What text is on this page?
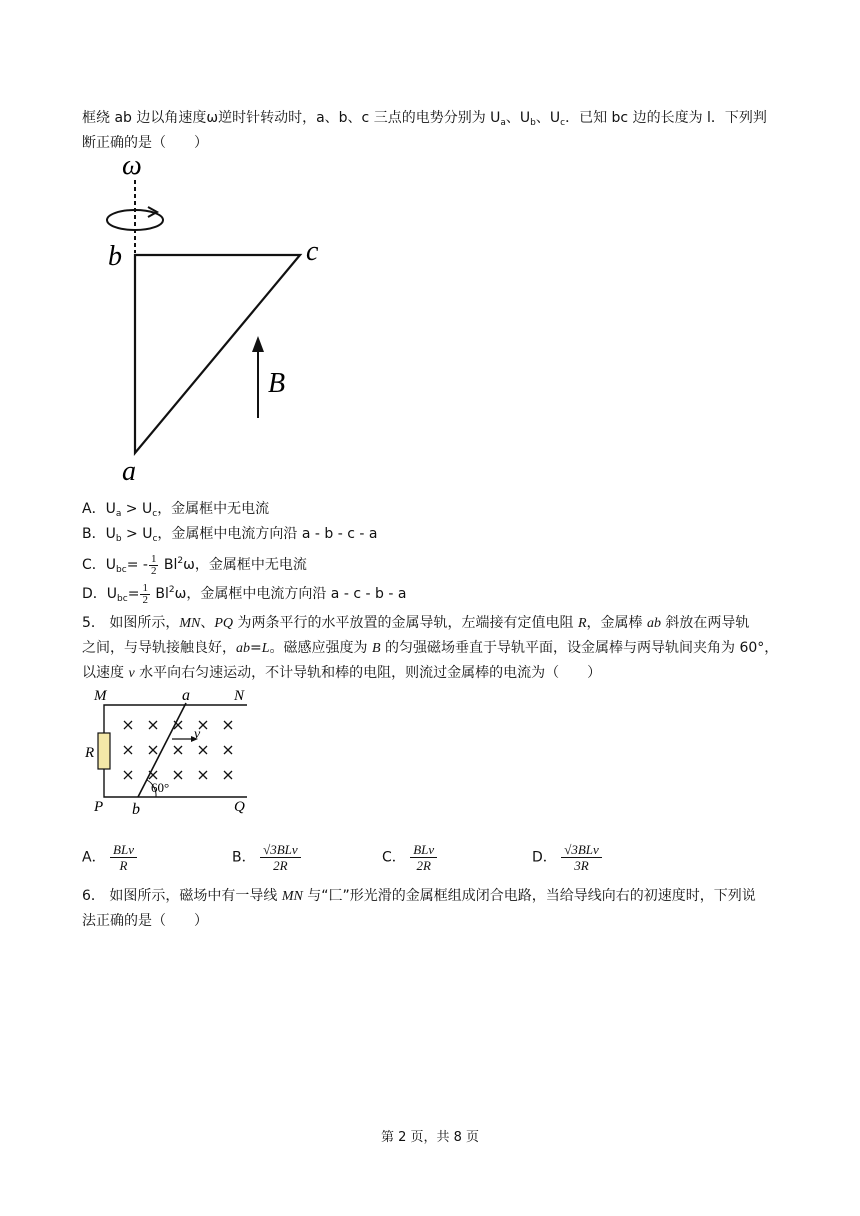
框绕 ab 边以角速度ω逆时针转动时，a、b、c 三点的电势分别为 $U_a$、$U_b$、$U_c$．已知 bc 边的长度为 l．下列判
断正确的是（　　）
ω
b	c
a
B
A．$U_a > U_c$，金属框中无电流
B．$U_b > U_c$，金属框中电流方向沿 a - b - c - a
C．$U_{bc}= - \frac{1}{2} Bl^2\omega$，金属框中无电流
D．$U_{bc}= \frac{1}{2} Bl^2\omega$，金属框中电流方向沿 a - c - b - a
5． 如图所示，MN、PQ 为两条平行的水平放置的金属导轨，左端接有定值电阻 R，金属棒 ab 斜放在两导轨
之间，与导轨接触良好，ab=L。磁感应强度为 B 的匀强磁场垂直于导轨平面，设金属棒与两导轨间夹角为 60°，
以速度 v 水平向右匀速运动，不计导轨和棒的电阻，则流过金属棒的电流为（　　）
M	N
P	Q
R
a
b
v
60°
A． $\frac{\text{BLv}}{R}$	B． $\frac{\text{√3BLv}}{2R}$	C． $\frac{\text{BLv}}{2R}$	D． $\frac{\text{√3BLv}}{3R}$
6． 如图所示，磁场中有一导线 MN 与“匚”形光滑的金属框组成闭合电路，当给导线向右的初速度时，下列说
法正确的是（　　）
第 2 页，共 8 页
